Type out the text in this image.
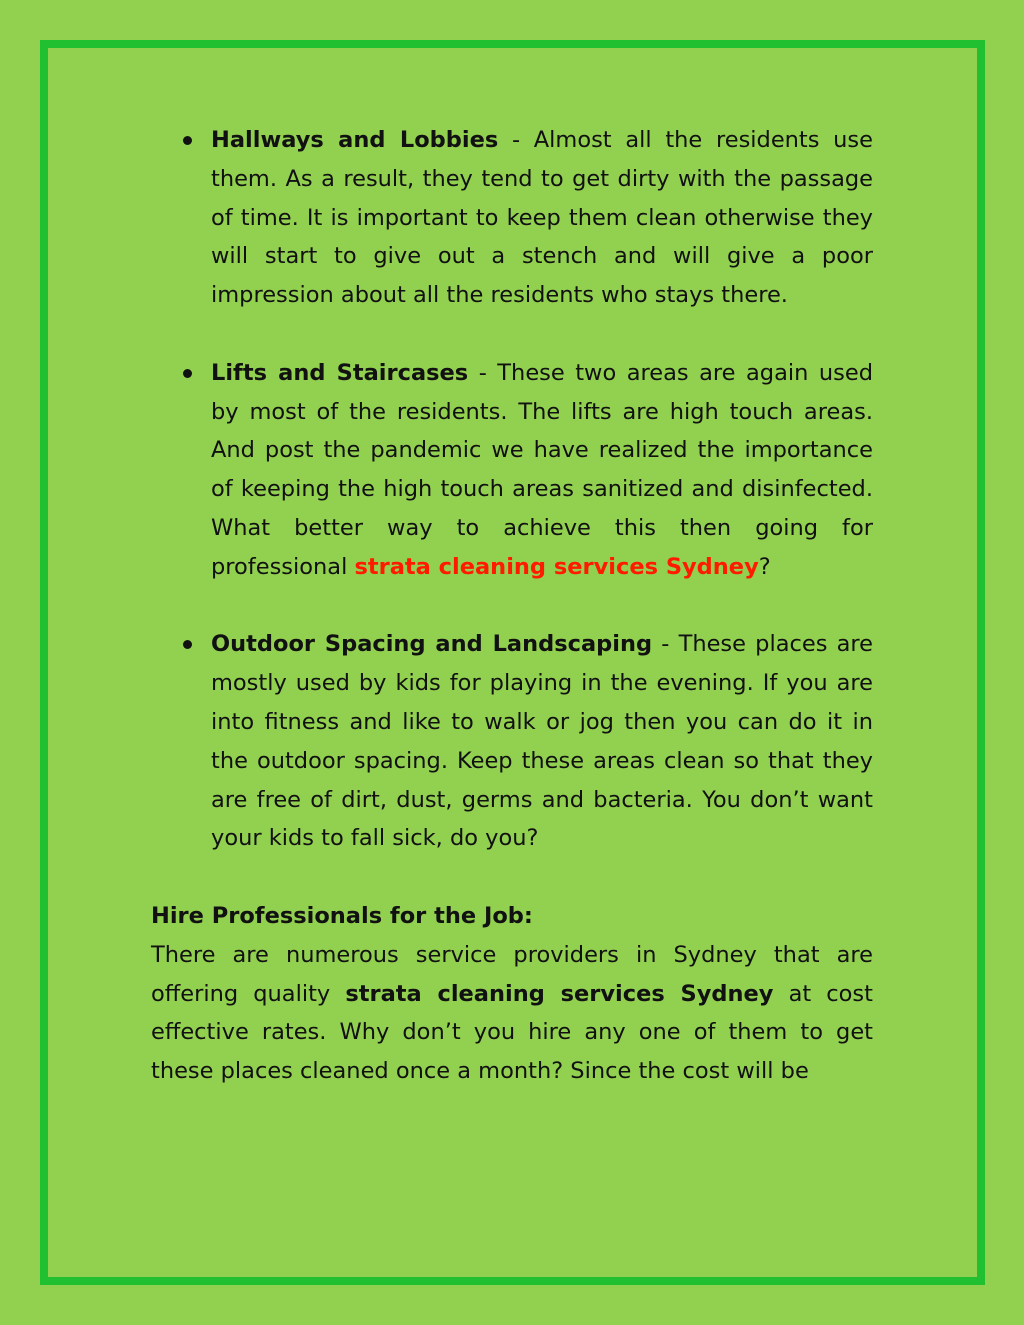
Hallways and Lobbies - Almost all the residents use them. As a result, they tend to get dirty with the passage of time. It is important to keep them clean otherwise they will start to give out a stench and will give a poor impression about all the residents who stays there.
Lifts and Staircases - These two areas are again used by most of the residents. The lifts are high touch areas. And post the pandemic we have realized the importance of keeping the high touch areas sanitized and disinfected. What better way to achieve this then going for professional strata cleaning services Sydney?
Outdoor Spacing and Landscaping - These places are mostly used by kids for playing in the evening. If you are into fitness and like to walk or jog then you can do it in the outdoor spacing. Keep these areas clean so that they are free of dirt, dust, germs and bacteria. You don’t want your kids to fall sick, do you?

Hire Professionals for the Job:

There are numerous service providers in Sydney that are offering quality strata cleaning services Sydney at cost effective rates. Why don’t you hire any one of them to get these places cleaned once a month? Since the cost will be
